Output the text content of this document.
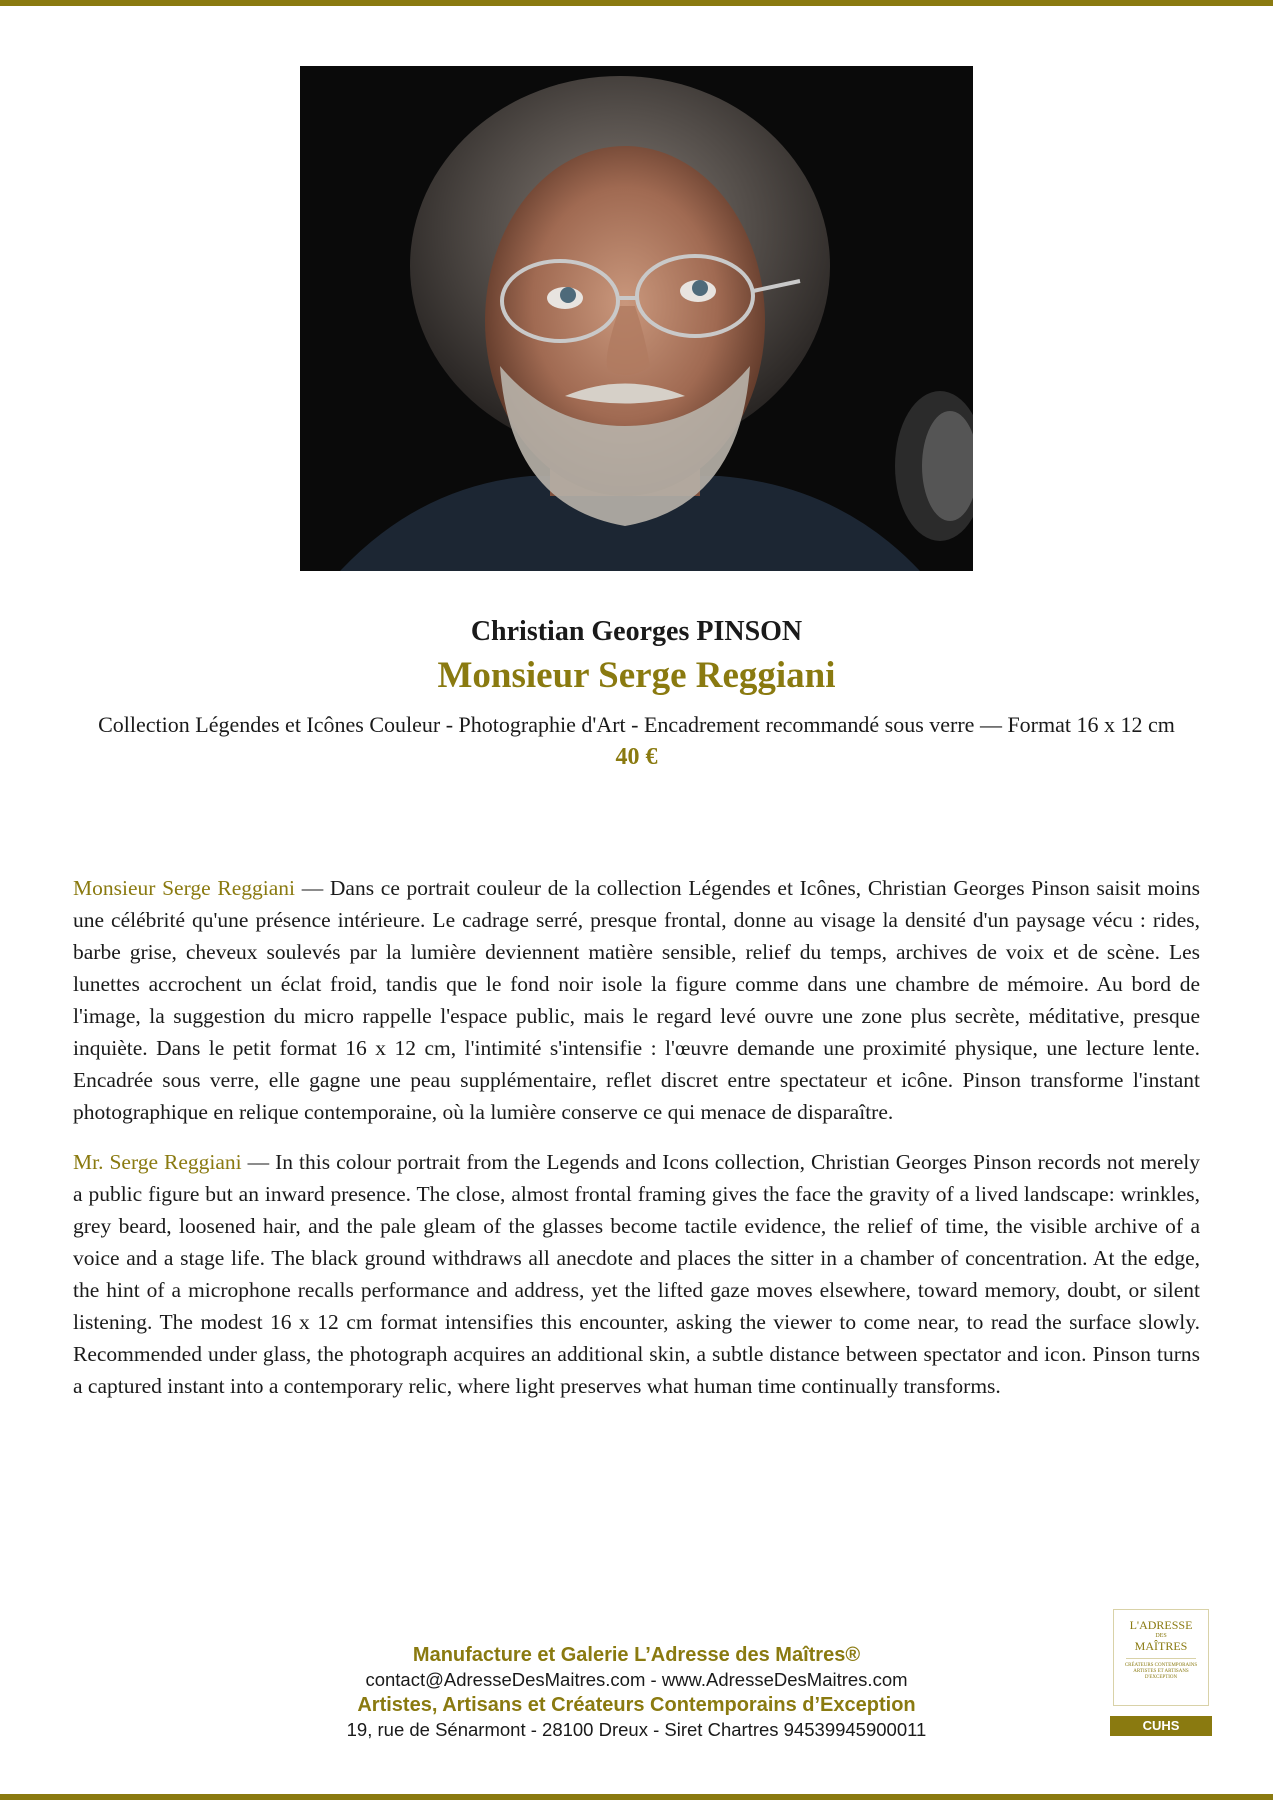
Christian Georges PINSON
Monsieur Serge Reggiani
Collection Légendes et Icônes Couleur - Photographie d'Art - Encadrement recommandé sous verre — Format 16 x 12 cm
40 €

Monsieur Serge Reggiani — Dans ce portrait couleur de la collection Légendes et Icônes, Christian Georges Pinson saisit moins une célébrité qu'une présence intérieure. Le cadrage serré, presque frontal, donne au visage la densité d'un paysage vécu : rides, barbe grise, cheveux soulevés par la lumière deviennent matière sensible, relief du temps, archives de voix et de scène. Les lunettes accrochent un éclat froid, tandis que le fond noir isole la figure comme dans une chambre de mémoire. Au bord de l'image, la suggestion du micro rappelle l'espace public, mais le regard levé ouvre une zone plus secrète, méditative, presque inquiète. Dans le petit format 16 x 12 cm, l'intimité s'intensifie : l'œuvre demande une proximité physique, une lecture lente. Encadrée sous verre, elle gagne une peau supplémentaire, reflet discret entre spectateur et icône. Pinson transforme l'instant photographique en relique contemporaine, où la lumière conserve ce qui menace de disparaître.

Mr. Serge Reggiani — In this colour portrait from the Legends and Icons collection, Christian Georges Pinson records not merely a public figure but an inward presence. The close, almost frontal framing gives the face the gravity of a lived landscape: wrinkles, grey beard, loosened hair, and the pale gleam of the glasses become tactile evidence, the relief of time, the visible archive of a voice and a stage life. The black ground withdraws all anecdote and places the sitter in a chamber of concentration. At the edge, the hint of a microphone recalls performance and address, yet the lifted gaze moves elsewhere, toward memory, doubt, or silent listening. The modest 16 x 12 cm format intensifies this encounter, asking the viewer to come near, to read the surface slowly. Recommended under glass, the photograph acquires an additional skin, a subtle distance between spectator and icon. Pinson turns a captured instant into a contemporary relic, where light preserves what human time continually transforms.

Manufacture et Galerie L’Adresse des Maîtres®
contact@AdresseDesMaitres.com - www.AdresseDesMaitres.com
Artistes, Artisans et Créateurs Contemporains d’Exception
19, rue de Sénarmont - 28100 Dreux - Siret Chartres 94539945900011
L'ADRESSE
DES
MAÎTRES
CRÉATEURS CONTEMPORAINS ARTISTES ET ARTISANS D'EXCEPTION
CUHS
